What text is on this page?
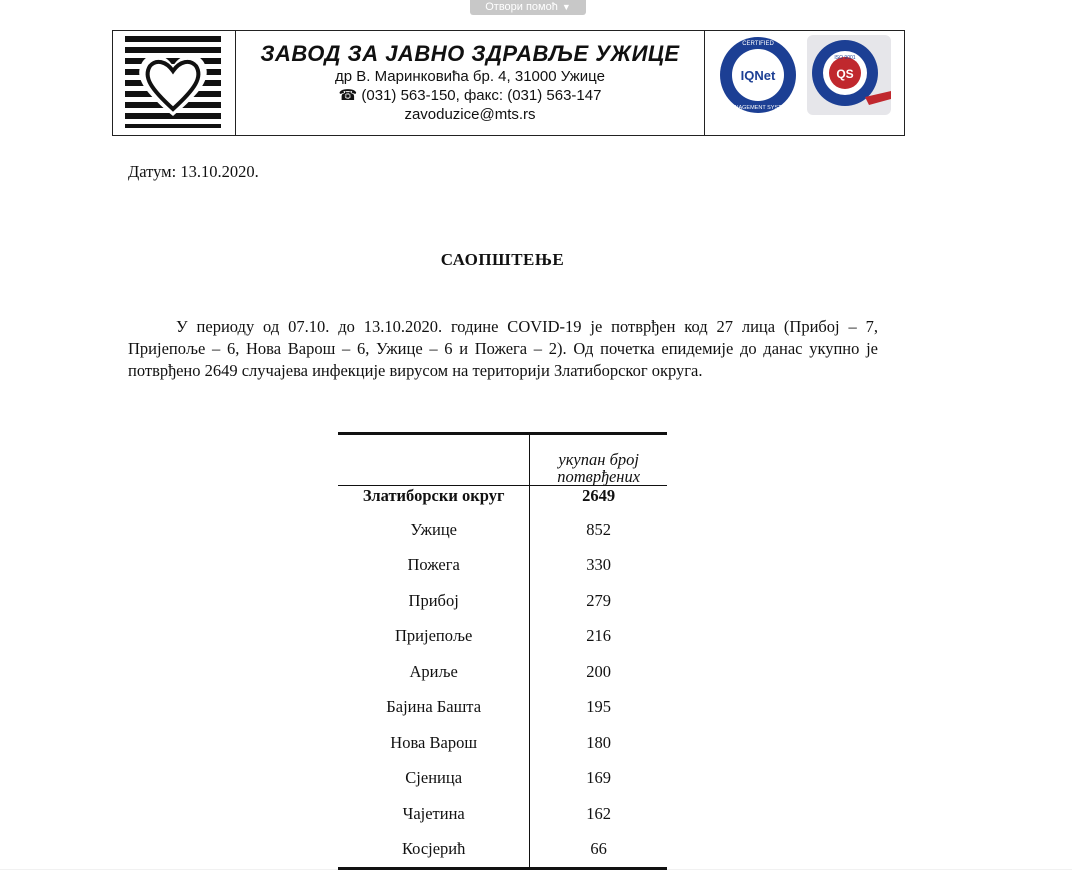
Отвори помоћ ▼
ЗАВОД ЗА ЈАВНО ЗДРАВЉЕ УЖИЦЕ
др В. Маринковића бр. 4, 31000 Ужице
☎ (031) 563-150, факс: (031) 563-147
zavoduzice@mts.rs
IQNet
CERTIFIED
MANAGEMENT SYSTEM
QS
ISO 9001
Датум: 13.10.2020.
САОПШТЕЊЕ
У периоду од 07.10. до 13.10.2020. године COVID-19 је потврђен код 27 лица (Прибој – 7, Пријепоље – 6, Нова Варош – 6, Ужице – 6 и Пожега – 2). Од почетка епидемије до данас укупно је потврђено 2649 случајева инфекције вирусом на територији Златиборског округа.
	укупан број потврђених
Златиборски округ	2649
Ужице	852
Пожега	330
Прибој	279
Пријепоље	216
Ариље	200
Бајина Башта	195
Нова Варош	180
Сјеница	169
Чајетина	162
Косјерић	66
